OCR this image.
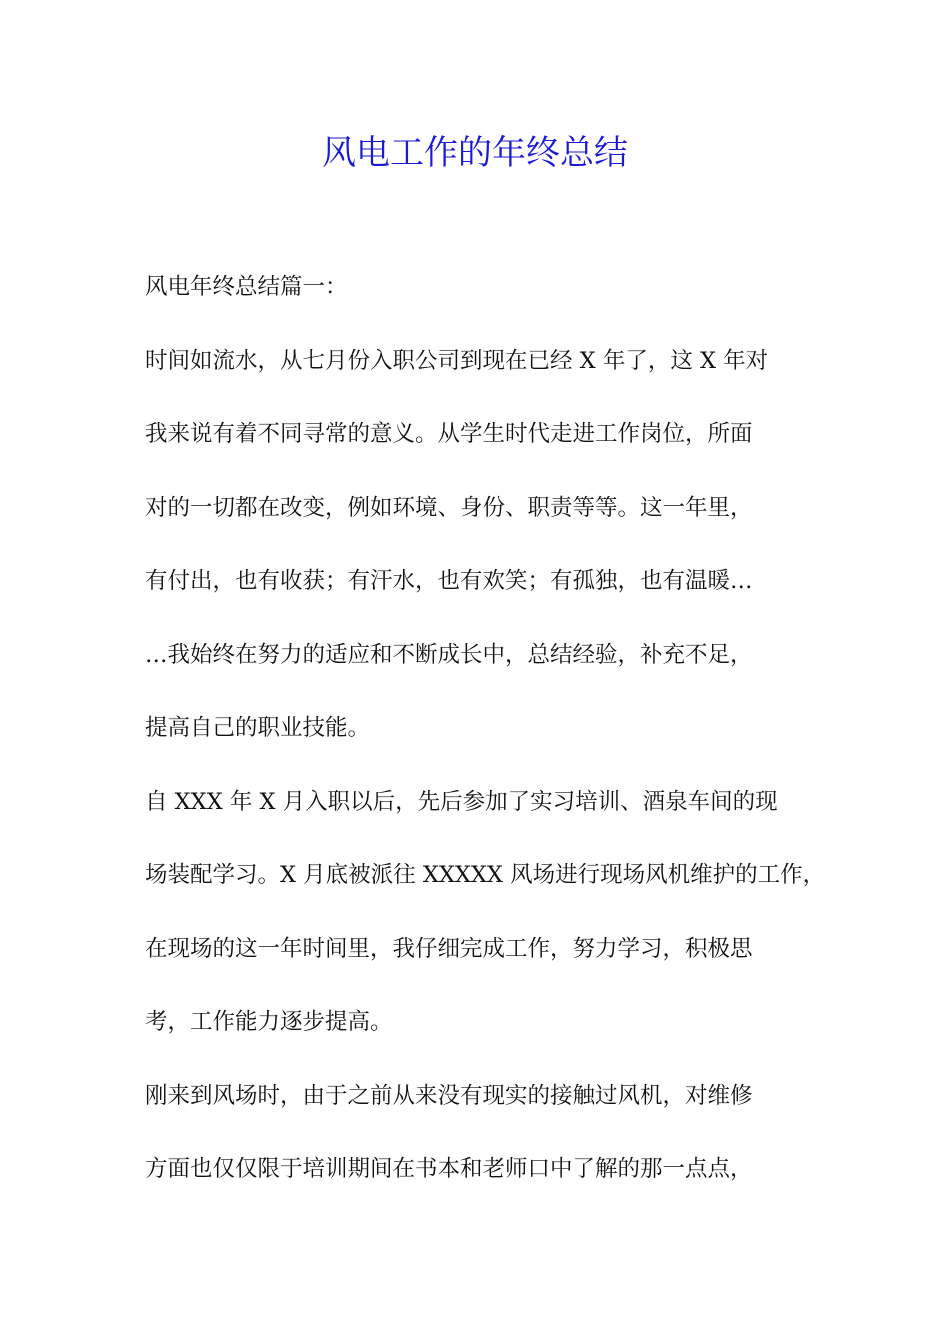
风电工作的年终总结
风电年终总结篇一：

时间如流水，从七月份入职公司到现在已经 X 年了，这 X 年对
我来说有着不同寻常的意义。从学生时代走进工作岗位，所面
对的一切都在改变，例如环境、身份、职责等等。这一年里，
有付出，也有收获；有汗水，也有欢笑；有孤独，也有温暖…
…我始终在努力的适应和不断成长中，总结经验，补充不足，
提高自己的职业技能。

自 XXX 年 X 月入职以后，先后参加了实习培训、酒泉车间的现
场装配学习。X 月底被派往 XXXXX 风场进行现场风机维护的工作，
在现场的这一年时间里，我仔细完成工作，努力学习，积极思
考，工作能力逐步提高。

刚来到风场时，由于之前从来没有现实的接触过风机，对维修
方面也仅仅限于培训期间在书本和老师口中了解的那一点点，
